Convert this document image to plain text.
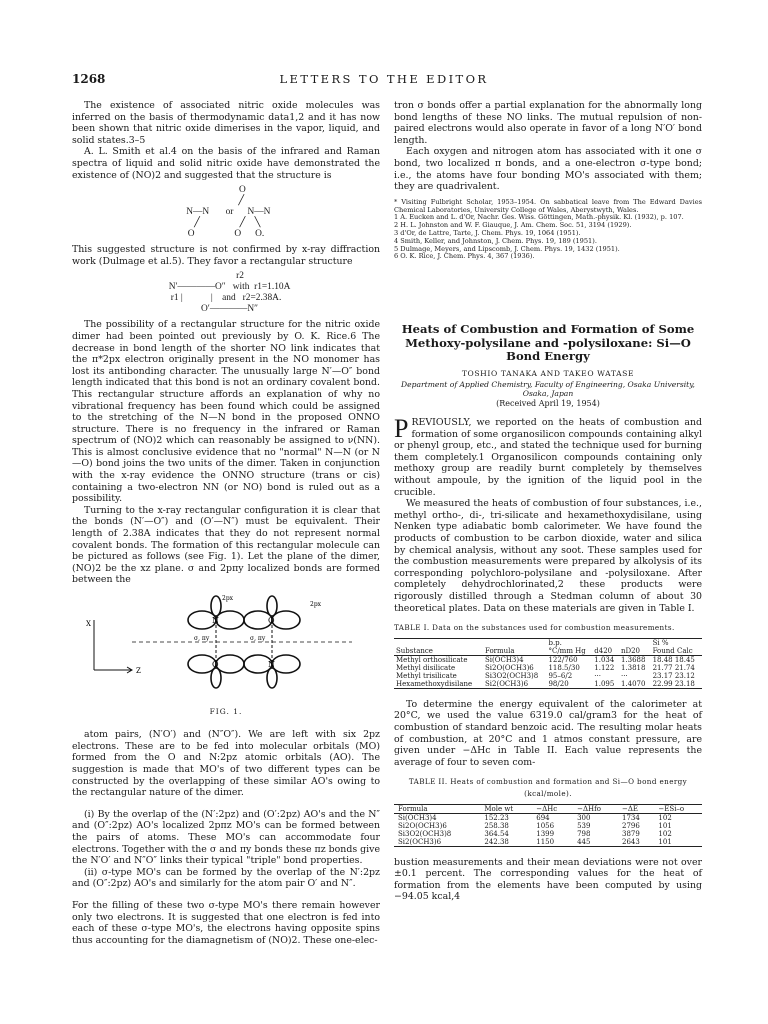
1268	LETTERS TO THE EDITOR

The existence of associated nitric oxide molecules was inferred on the basis of thermodynamic data1,2 and it has now been shown that nitric oxide dimerises in the vapor, liquid, and solid states.3–5

A. L. Smith et al.4 on the basis of the infrared and Raman spectra of liquid and solid nitric oxide have demonstrated the existence of (NO)2 and suggested that the structure is

O
╱
N—N       or      N—N
╱                 ╱    ╲
O                 O      O.

This suggested structure is not confirmed by x-ray diffraction work (Dulmage et al.5). They favor a rectangular structure

r2
N′————O″   with  r1=1.10A
r1 |            |    and   r2=2.38A.
O′————N″

The possibility of a rectangular structure for the nitric oxide dimer had been pointed out previously by O. K. Rice.6 The decrease in bond length of the shorter NO link indicates that the π*2px electron originally present in the NO monomer has lost its antibonding character. The unusually large N′—O″ bond length indicated that this bond is not an ordinary covalent bond. This rectangular structure affords an explanation of why no vibrational frequency has been found which could be assigned to the stretching of the N—N bond in the proposed ONNO structure. There is no frequency in the infrared or Raman spectrum of (NO)2 which can reasonably be assigned to ν(NN). This is almost conclusive evidence that no "normal" N—N (or N—O) bond joins the two units of the dimer. Taken in conjunction with the x-ray evidence the ONNO structure (trans or cis) containing a two-electron NN (or NO) bond is ruled out as a possibility.

Turning to the x-ray rectangular configuration it is clear that the bonds (N′—O″) and (O′—N″) must be equivalent. Their length of 2.38A indicates that they do not represent normal covalent bonds. The formation of this rectangular molecule can be pictured as follows (see Fig. 1). Let the plane of the dimer, (NO)2 be the xz plane. σ and 2pπy localized bonds are formed between the

N	O
O	N
2px
2px
σ, πy	σ, πy
Z
X
FIG. 1.

atom pairs, (N′O′) and (N″O″). We are left with six 2pz electrons. These are to be fed into molecular orbitals (MO) formed from the O and N:2pz atomic orbitals (AO). The suggestion is made that MO's of two different types can be constructed by the overlapping of these similar AO's owing to the rectangular nature of the dimer.

(i) By the overlap of the (N′:2pz) and (O′:2pz) AO's and the N″ and (O″:2pz) AO's localized 2pπz MO's can be formed between the pairs of atoms. These MO's can accommodate four electrons. Together with the σ and πy bonds these πz bonds give the N′O′ and N″O″ links their typical "triple" bond properties.

(ii) σ-type MO's can be formed by the overlap of the N′:2pz and (O″:2pz) AO's and similarly for the atom pair O′ and N″.

For the filling of these two σ-type MO's there remain however only two electrons. It is suggested that one electron is fed into each of these σ-type MO's, the electrons having opposite spins thus accounting for the diamagnetism of (NO)2. These one-elec-

tron σ bonds offer a partial explanation for the abnormally long bond lengths of these NO links. The mutual repulsion of non-paired electrons would also operate in favor of a long N′O′ bond length.

Each oxygen and nitrogen atom has associated with it one σ bond, two localized π bonds, and a one-electron σ-type bond; i.e., the atoms have four bonding MO's associated with them; they are quadrivalent.

* Visiting Fulbright Scholar, 1953–1954. On sabbatical leave from The Edward Davies Chemical Laboratories, University College of Wales, Aberystwyth, Wales.
1 A. Eucken and L. d'Or, Nachr. Ges. Wiss. Göttingen, Math.-physik. Kl. (1932), p. 107.
2 H. L. Johnston and W. F. Giauque, J. Am. Chem. Soc. 51, 3194 (1929).
3 d'Or, de Lattre, Tarte, J. Chem. Phys. 19, 1064 (1951).
4 Smith, Keller, and Johnston, J. Chem. Phys. 19, 189 (1951).
5 Dulmage, Meyers, and Lipscomb, J. Chem. Phys. 19, 1432 (1951).
6 O. K. Rice, J. Chem. Phys. 4, 367 (1936).
Heats of Combustion and Formation of Some Methoxy-polysilane and -polysiloxane: Si—O Bond Energy
TOSHIO TANAKA AND TAKEO WATASE
Department of Applied Chemistry, Faculty of Engineering, Osaka University, Osaka, Japan
(Received April 19, 1954)

PREVIOUSLY, we reported on the heats of combustion and formation of some organosilicon compounds containing alkyl or phenyl group, etc., and stated the technique used for burning them completely.1 Organosilicon compounds containing only methoxy group are readily burnt completely by themselves without ampoule, by the ignition of the liquid pool in the crucible.

We measured the heats of combustion of four substances, i.e., methyl ortho-, di-, tri-silicate and hexamethoxydisilane, using Nenken type adiabatic bomb calorimeter. We have found the products of combustion to be carbon dioxide, water and silica by chemical analysis, without any soot. These samples used for the combustion measurements were prepared by alkolysis of its corresponding polychloro-polysilane and -polysiloxane. After completely dehydrochlorinated,2 these products were rigorously distilled through a Stedman column of about 30 theoretical plates. Data on these materials are given in Table I.

TABLE I. Data on the substances used for combustion measurements.
		b.p.			Si %
Substance	Formula	°C/mm Hg	d420	nD20	Found Calc
Methyl orthosilicate	Si(OCH3)4	122/760	1.034	1.3688	18.48 18.45
Methyl disilicate	Si2O(OCH3)6	118.5/30	1.122	1.3818	21.77 21.74
Methyl trisilicate	Si3O2(OCH3)8	95–6/2	···	···	23.17 23.12
Hexamethoxydisilane	Si2(OCH3)6	98/20	1.095	1.4070	22.99 23.18

To determine the energy equivalent of the calorimeter at 20°C, we used the value 6319.0 cal/gram3 for the heat of combustion of standard benzoic acid. The resulting molar heats of combustion, at 20°C and 1 atmos constant pressure, are given under −ΔHc in Table II. Each value represents the average of four to seven com-

TABLE II. Heats of combustion and formation and Si—O bond energy (kcal/mole).
Formula	Mole wt	−ΔHc	−ΔHfo	−ΔE	−ESi–o
Si(OCH3)4	152.23	694	300	1734	102
Si2O(OCH3)6	258.38	1056	539	2796	101
Si3O2(OCH3)8	364.54	1399	798	3879	102
Si2(OCH3)6	242.38	1150	445	2643	101

bustion measurements and their mean deviations were not over ±0.1 percent. The corresponding values for the heat of formation from the elements have been computed by using −94.05 kcal,4
